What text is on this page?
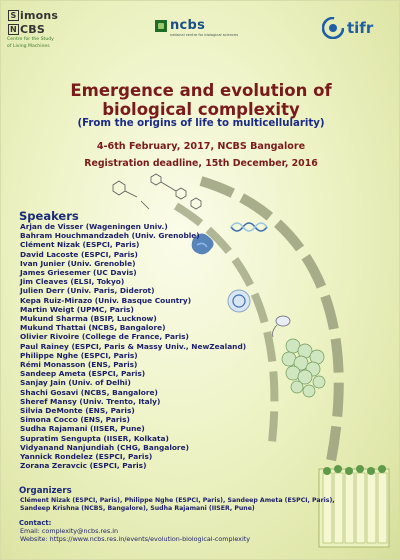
S imons
N CBS
Centre for the Study
of Living Machines
ncbs
national centre for biological sciences	tifr
Emergence and evolution of
biological complexity
(From the origins of life to multicellularity)
4-6th February, 2017, NCBS Bangalore
Registration deadline, 15th December, 2016
Speakers
Arjan de Visser (Wageningen Univ.)
Bahram Houchmandzadeh (Univ. Grenoble)
Clément Nizak (ESPCI, Paris)
David Lacoste (ESPCI, Paris)
Ivan Junier (Univ. Grenoble)
James Griesemer (UC Davis)
Jim Cleaves (ELSI, Tokyo)
Julien Derr (Univ. Paris, Diderot)
Kepa Ruiz-Mirazo (Univ. Basque Country)
Martin Weigt (UPMC, Paris)
Mukund Sharma (BSIP, Lucknow)
Mukund Thattai (NCBS, Bangalore)
Olivier Rivoire (College de France, Paris)
Paul Rainey (ESPCI, Paris & Massy Univ., NewZealand)
Philippe Nghe (ESPCI, Paris)
Rémi Monasson (ENS, Paris)
Sandeep Ameta (ESPCI, Paris)
Sanjay Jain (Univ. of Delhi)
Shachi Gosavi (NCBS, Bangalore)
Sheref Mansy (Univ. Trento, Italy)
Silvia DeMonte (ENS, Paris)
Simona Cocco (ENS, Paris)
Sudha Rajamani (IISER, Pune)
Supratim Sengupta (IISER, Kolkata)
Vidyanand Nanjundiah (CHG, Bangalore)
Yannick Rondelez (ESPCI, Paris)
Zorana Zeravcic (ESPCI, Paris)
Organizers
Clément Nizak (ESPCI, Paris), Philippe Nghe (ESPCI, Paris), Sandeep Ameta (ESPCI, Paris),
Sandeep Krishna (NCBS, Bangalore), Sudha Rajamani (IISER, Pune)
Contact:
Email: complexity@ncbs.res.in
Website: https://www.ncbs.res.in/events/evolution-biological-complexity
